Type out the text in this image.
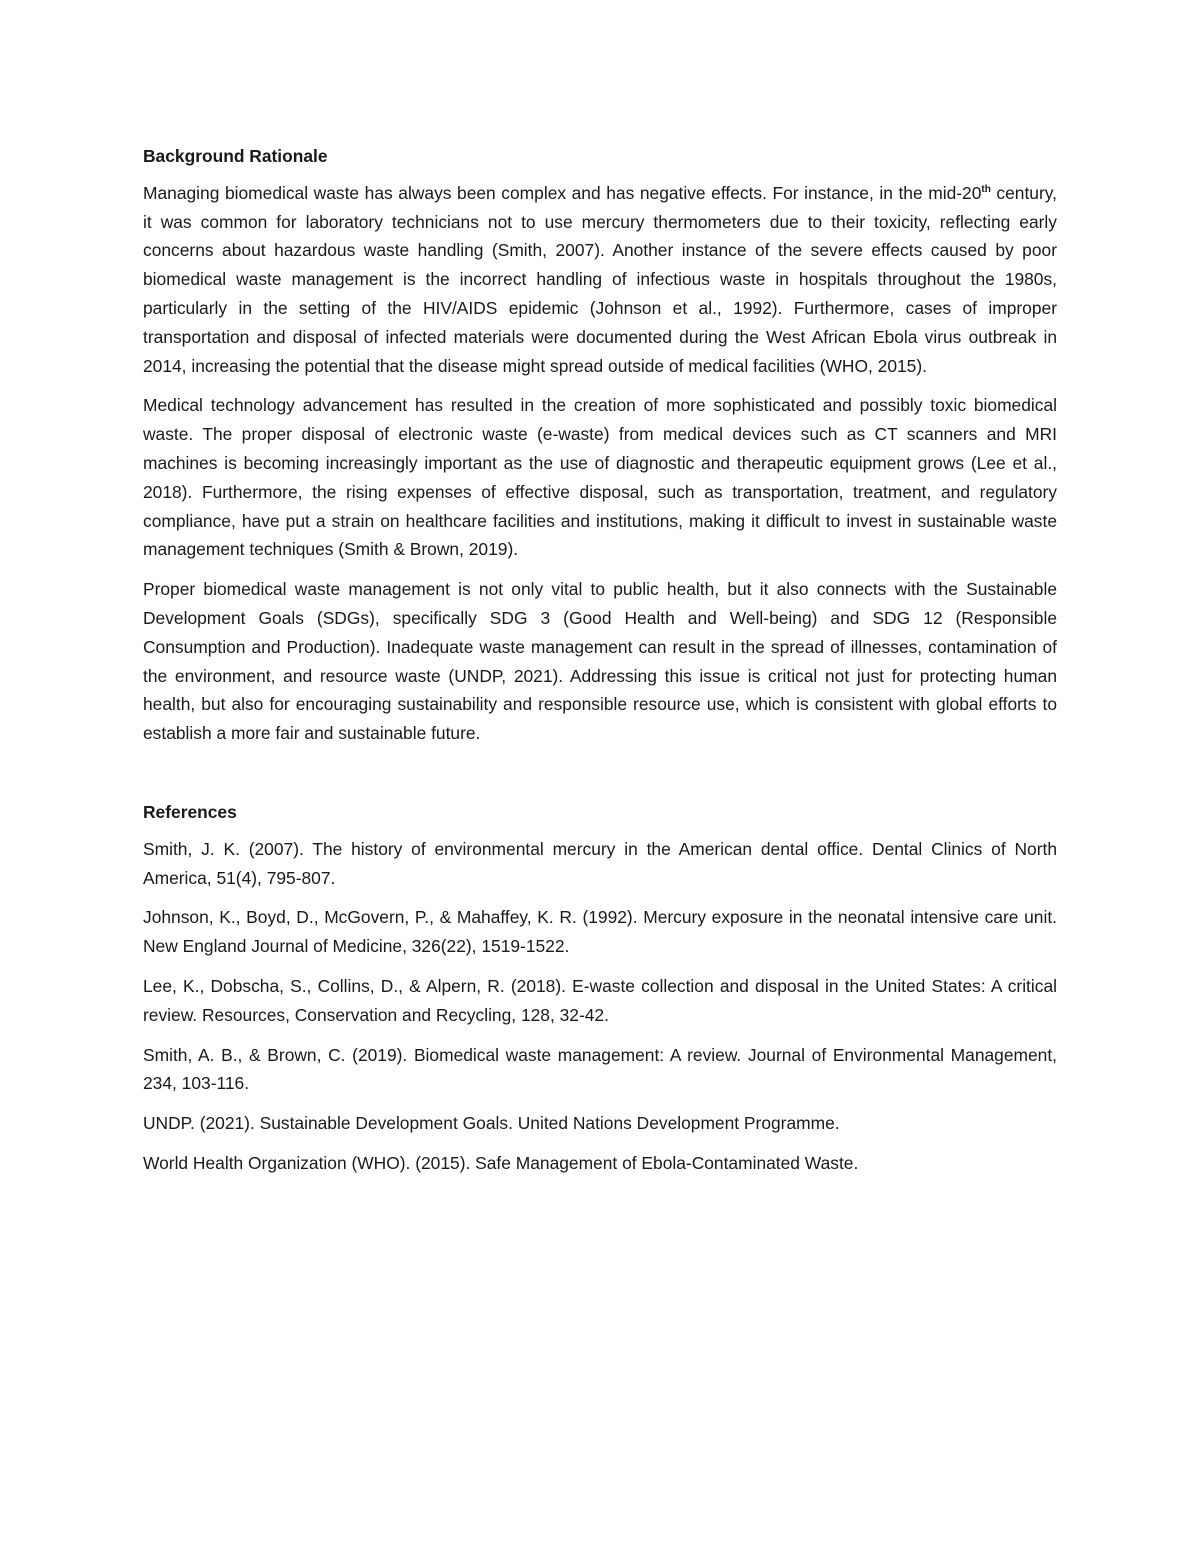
Background Rationale

Managing biomedical waste has always been complex and has negative effects. For instance, in the mid-20th century, it was common for laboratory technicians not to use mercury thermometers due to their toxicity, reflecting early concerns about hazardous waste handling (Smith, 2007). Another instance of the severe effects caused by poor biomedical waste management is the incorrect handling of infectious waste in hospitals throughout the 1980s, particularly in the setting of the HIV/AIDS epidemic (Johnson et al., 1992). Furthermore, cases of improper transportation and disposal of infected materials were documented during the West African Ebola virus outbreak in 2014, increasing the potential that the disease might spread outside of medical facilities (WHO, 2015).

Medical technology advancement has resulted in the creation of more sophisticated and possibly toxic biomedical waste. The proper disposal of electronic waste (e-waste) from medical devices such as CT scanners and MRI machines is becoming increasingly important as the use of diagnostic and therapeutic equipment grows (Lee et al., 2018). Furthermore, the rising expenses of effective disposal, such as transportation, treatment, and regulatory compliance, have put a strain on healthcare facilities and institutions, making it difficult to invest in sustainable waste management techniques (Smith & Brown, 2019).

Proper biomedical waste management is not only vital to public health, but it also connects with the Sustainable Development Goals (SDGs), specifically SDG 3 (Good Health and Well-being) and SDG 12 (Responsible Consumption and Production). Inadequate waste management can result in the spread of illnesses, contamination of the environment, and resource waste (UNDP, 2021). Addressing this issue is critical not just for protecting human health, but also for encouraging sustainability and responsible resource use, which is consistent with global efforts to establish a more fair and sustainable future.

References

Smith, J. K. (2007). The history of environmental mercury in the American dental office. Dental Clinics of North America, 51(4), 795-807.

Johnson, K., Boyd, D., McGovern, P., & Mahaffey, K. R. (1992). Mercury exposure in the neonatal intensive care unit. New England Journal of Medicine, 326(22), 1519-1522.

Lee, K., Dobscha, S., Collins, D., & Alpern, R. (2018). E-waste collection and disposal in the United States: A critical review. Resources, Conservation and Recycling, 128, 32-42.

Smith, A. B., & Brown, C. (2019). Biomedical waste management: A review. Journal of Environmental Management, 234, 103-116.

UNDP. (2021). Sustainable Development Goals. United Nations Development Programme.

World Health Organization (WHO). (2015). Safe Management of Ebola-Contaminated Waste.
